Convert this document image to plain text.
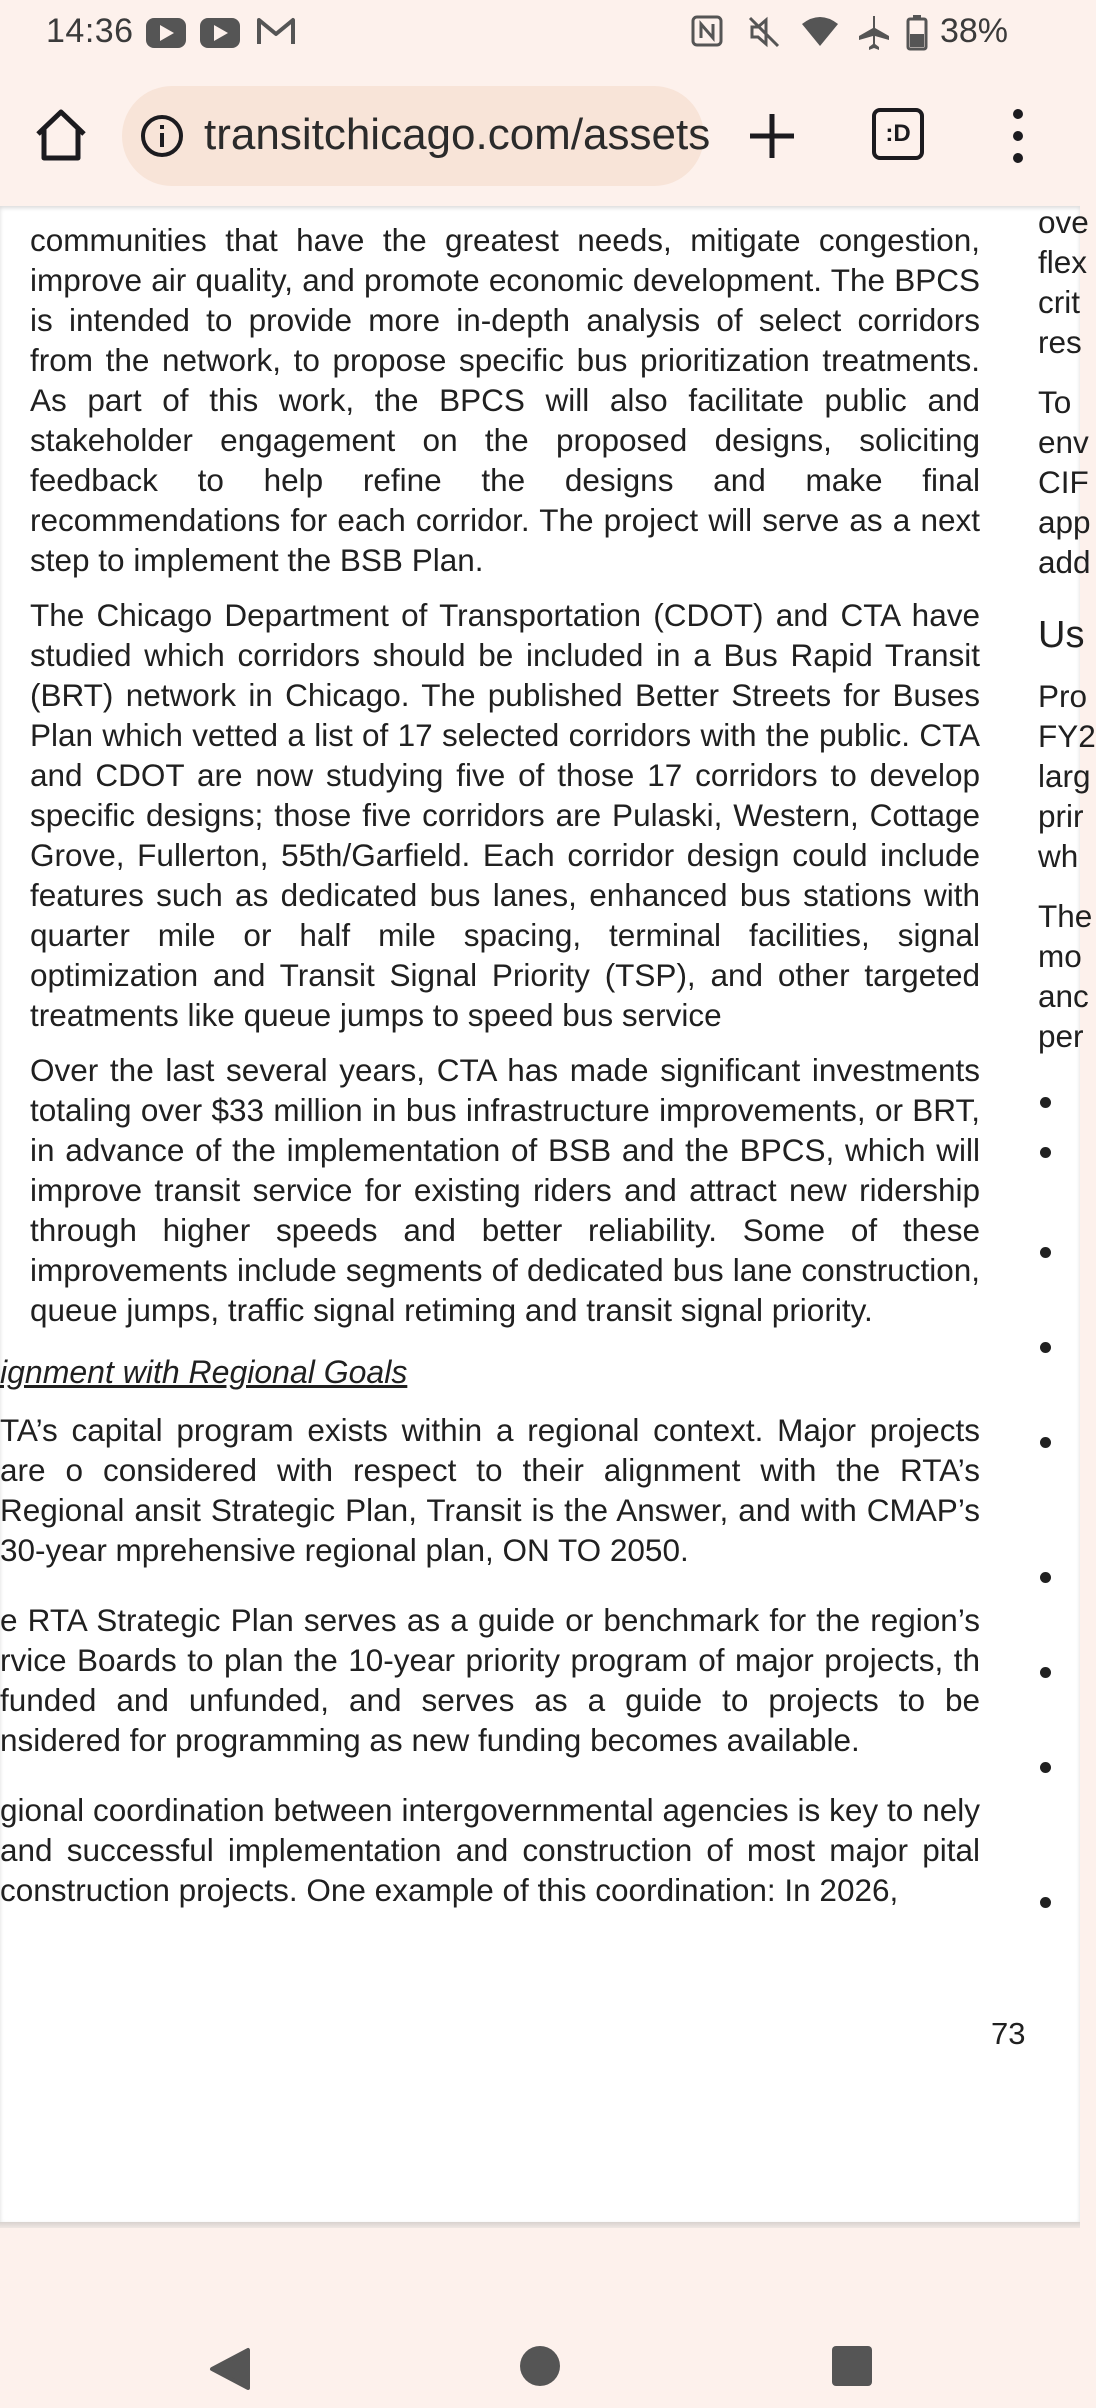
14:36	38%
transitchicago.com/assets	:D

communities that have the greatest needs, mitigate congestion, improve air quality, and promote economic development. The BPCS is intended to provide more in-depth analysis of select corridors from the network, to propose specific bus prioritization treatments. As part of this work, the BPCS will also facilitate public and stakeholder engagement on the proposed designs, soliciting feedback to help refine the designs and make final recommendations for each corridor. The project will serve as a next step to implement the BSB Plan.

The Chicago Department of Transportation (CDOT) and CTA have studied which corridors should be included in a Bus Rapid Transit (BRT) network in Chicago. The published Better Streets for Buses Plan which vetted a list of 17 selected corridors with the public. CTA and CDOT are now studying five of those 17 corridors to develop specific designs; those five corridors are Pulaski, Western, Cottage Grove, Fullerton, 55th/Garfield. Each corridor design could include features such as dedicated bus lanes, enhanced bus stations with quarter mile or half mile spacing, terminal facilities, signal optimization and Transit Signal Priority (TSP), and other targeted treatments like queue jumps to speed bus service

Over the last several years, CTA has made significant investments totaling over $33 million in bus infrastructure improvements, or BRT, in advance of the implementation of BSB and the BPCS, which will improve transit service for existing riders and attract new ridership through higher speeds and better reliability. Some of these improvements include segments of dedicated bus lane construction, queue jumps, traffic signal retiming and transit signal priority.

ignment with Regional Goals

TA’s capital program exists within a regional context. Major projects are o considered with respect to their alignment with the RTA’s Regional ansit Strategic Plan, Transit is the Answer, and with CMAP’s 30-year mprehensive regional plan, ON TO 2050.

e RTA Strategic Plan serves as a guide or benchmark for the region’s rvice Boards to plan the 10-year priority program of major projects, th funded and unfunded, and serves as a guide to projects to be nsidered for programming as new funding becomes available.

gional coordination between intergovernmental agencies is key to nely and successful implementation and construction of most major pital construction projects. One example of this coordination: In 2026,

ove
flex
crit
res
To
env
CIF
app
add
Us
Pro
FY2
larg
prir
wh
The
mo
anc
per
73
